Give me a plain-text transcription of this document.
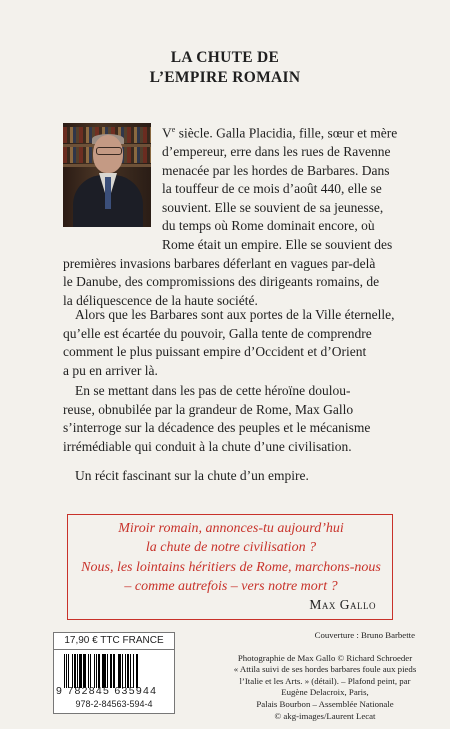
LA CHUTE DE
L’EMPIRE ROMAIN
Ve siècle. Galla Placidia, fille, sœur et mère
d’empereur, erre dans les rues de Ravenne
menacée par les hordes de Barbares. Dans
la touffeur de ce mois d’août 440, elle se
souvient. Elle se souvient de sa jeunesse,
du temps où Rome dominait encore, où
Rome était un empire. Elle se souvient des
premières invasions barbares déferlant en vagues par-delà
le Danube, des compromissions des dirigeants romains, de
la déliquescence de la haute société.
Alors que les Barbares sont aux portes de la Ville éternelle,
qu’elle est écartée du pouvoir, Galla tente de comprendre
comment le plus puissant empire d’Occident et d’Orient
a pu en arriver là.
En se mettant dans les pas de cette héroïne doulou-
reuse, obnubilée par la grandeur de Rome, Max Gallo
s’interroge sur la décadence des peuples et le mécanisme
irrémédiable qui conduit à la chute d’une civilisation.
Un récit fascinant sur la chute d’un empire.
Miroir romain, annonces-tu aujourd’hui
la chute de notre civilisation ?
Nous, les lointains héritiers de Rome, marchons-nous
– comme autrefois – vers notre mort ?
Max Gallo
17,90 € TTC FRANCE
9 782845 635944
978-2-84563-594-4
Couverture : Bruno Barbette
Photographie de Max Gallo © Richard Schroeder
« Attila suivi de ses hordes barbares foule aux pieds
l’Italie et les Arts. » (détail). – Plafond peint, par
Eugène Delacroix, Paris,
Palais Bourbon – Assemblée Nationale
© akg-images/Laurent Lecat
